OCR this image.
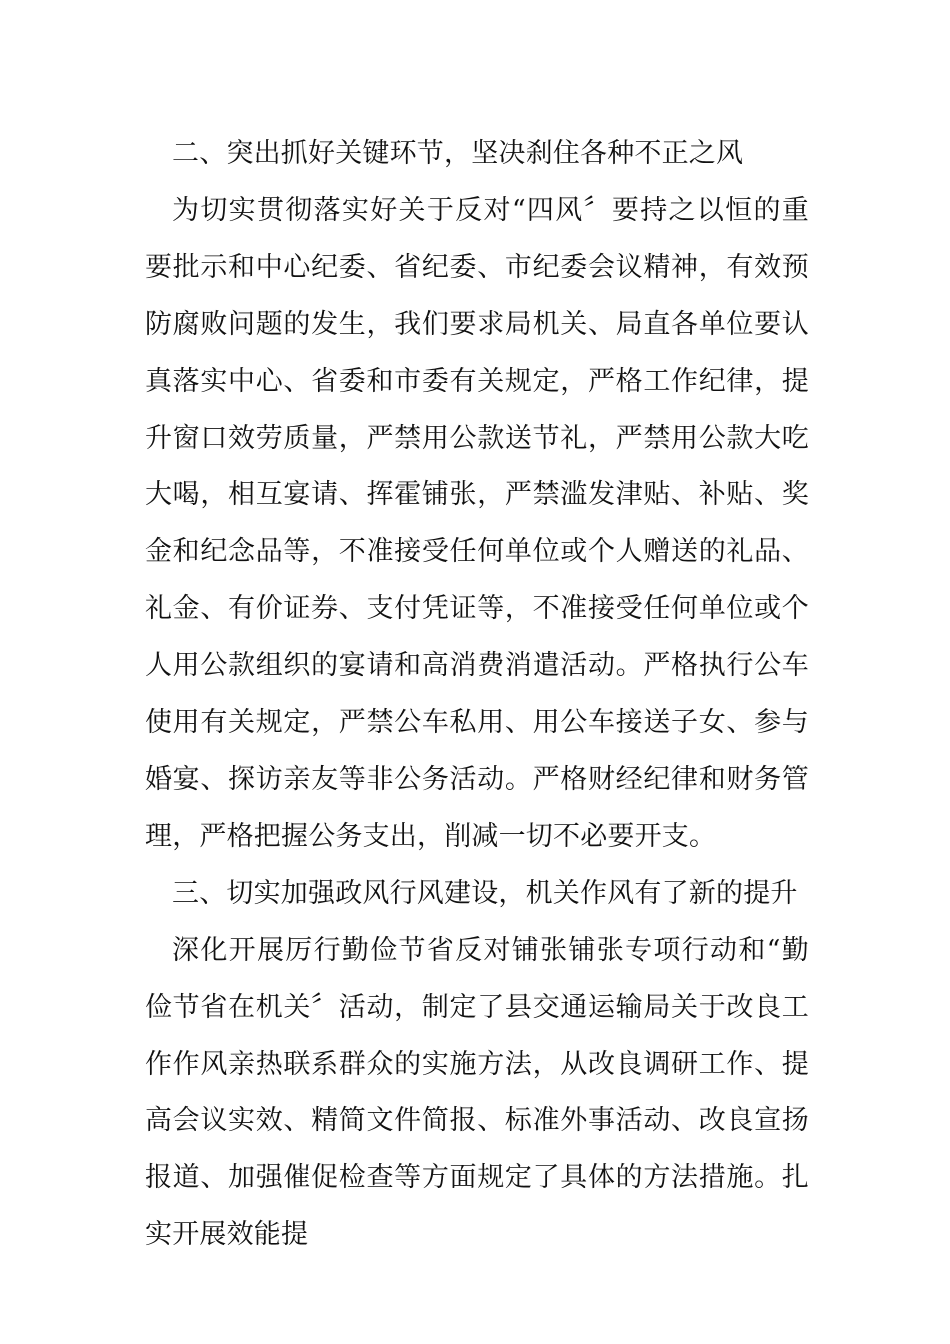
二、突出抓好关键环节，坚决刹住各种不正之风

为切实贯彻落实好关于反对“四风〞要持之以恒的重要批示和中心纪委、省纪委、市纪委会议精神，有效预防腐败问题的发生，我们要求局机关、局直各单位要认真落实中心、省委和市委有关规定，严格工作纪律，提升窗口效劳质量，严禁用公款送节礼，严禁用公款大吃大喝，相互宴请、挥霍铺张，严禁滥发津贴、补贴、奖金和纪念品等，不准接受任何单位或个人赠送的礼品、礼金、有价证券、支付凭证等，不准接受任何单位或个人用公款组织的宴请和高消费消遣活动。严格执行公车使用有关规定，严禁公车私用、用公车接送子女、参与婚宴、探访亲友等非公务活动。严格财经纪律和财务管理，严格把握公务支出，削减一切不必要开支。

三、切实加强政风行风建设，机关作风有了新的提升

深化开展厉行勤俭节省反对铺张铺张专项行动和“勤俭节省在机关〞活动，制定了县交通运输局关于改良工作作风亲热联系群众的实施方法，从改良调研工作、提高会议实效、精简文件简报、标准外事活动、改良宣扬报道、加强催促检查等方面规定了具体的方法措施。扎实开展效能提
